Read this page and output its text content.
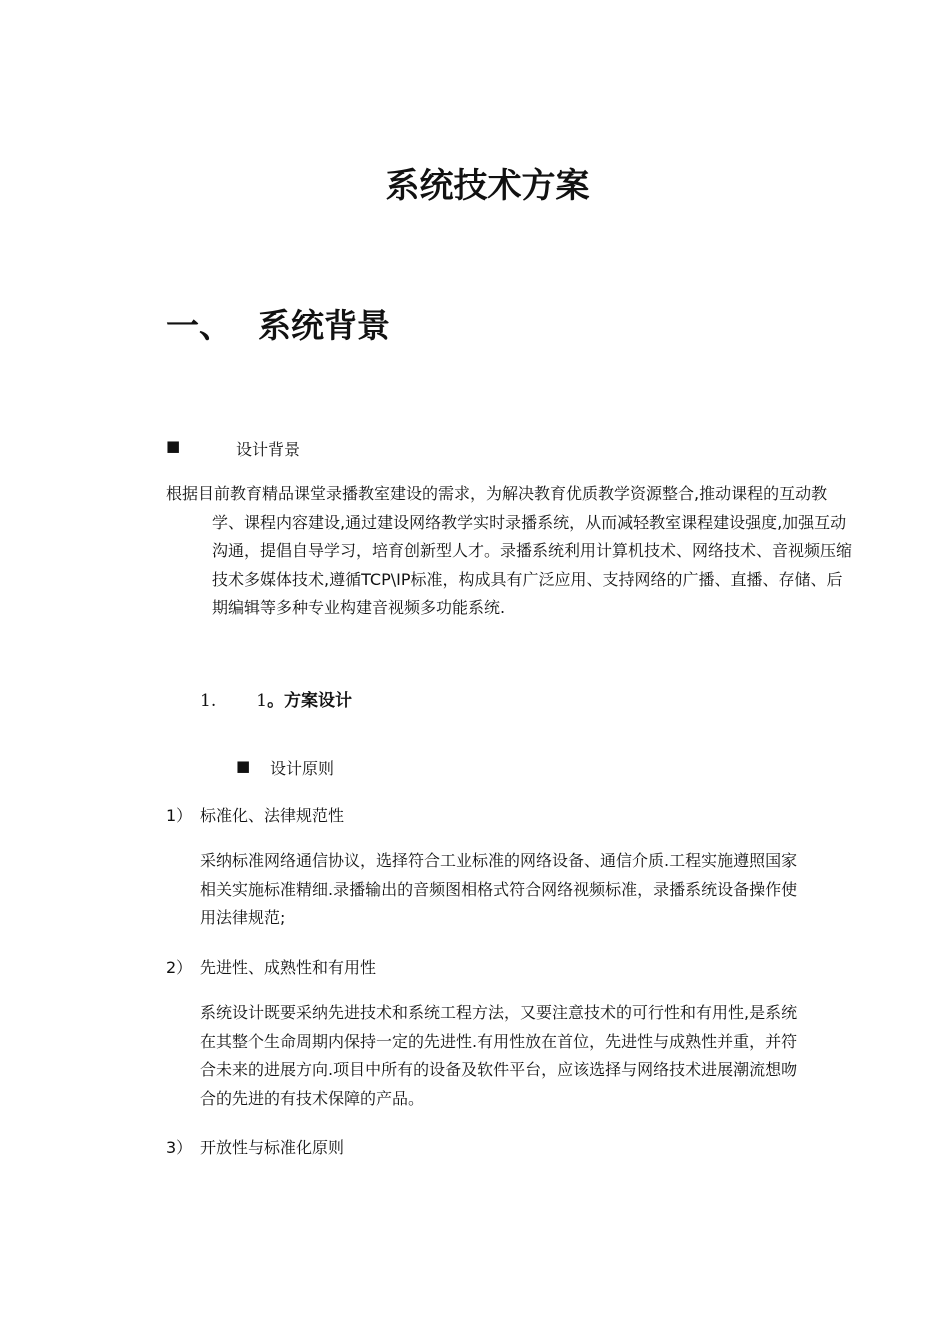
系统技术方案
一、 系统背景
■	设计背景
根据目前教育精品课堂录播教室建设的需求，为解决教育优质教学资源整合,推动课程的互动教学、课程内容建设,通过建设网络教学实时录播系统，从而减轻教室课程建设强度,加强互动沟通，提倡自导学习，培育创新型人才。录播系统利用计算机技术、网络技术、音视频压缩技术多媒体技术,遵循TCP\IP标准，构成具有广泛应用、支持网络的广播、直播、存储、后期编辑等多种专业构建音视频多功能系统.
1. 1。方案设计
■ 设计原则
1） 标准化、法律规范性
采纳标准网络通信协议，选择符合工业标准的网络设备、通信介质.工程实施遵照国家相关实施标准精细.录播输出的音频图相格式符合网络视频标准，录播系统设备操作使用法律规范;
2） 先进性、成熟性和有用性
系统设计既要采纳先进技术和系统工程方法，又要注意技术的可行性和有用性,是系统在其整个生命周期内保持一定的先进性.有用性放在首位，先进性与成熟性并重，并符合未来的进展方向.项目中所有的设备及软件平台，应该选择与网络技术进展潮流想吻合的先进的有技术保障的产品。
3） 开放性与标准化原则
